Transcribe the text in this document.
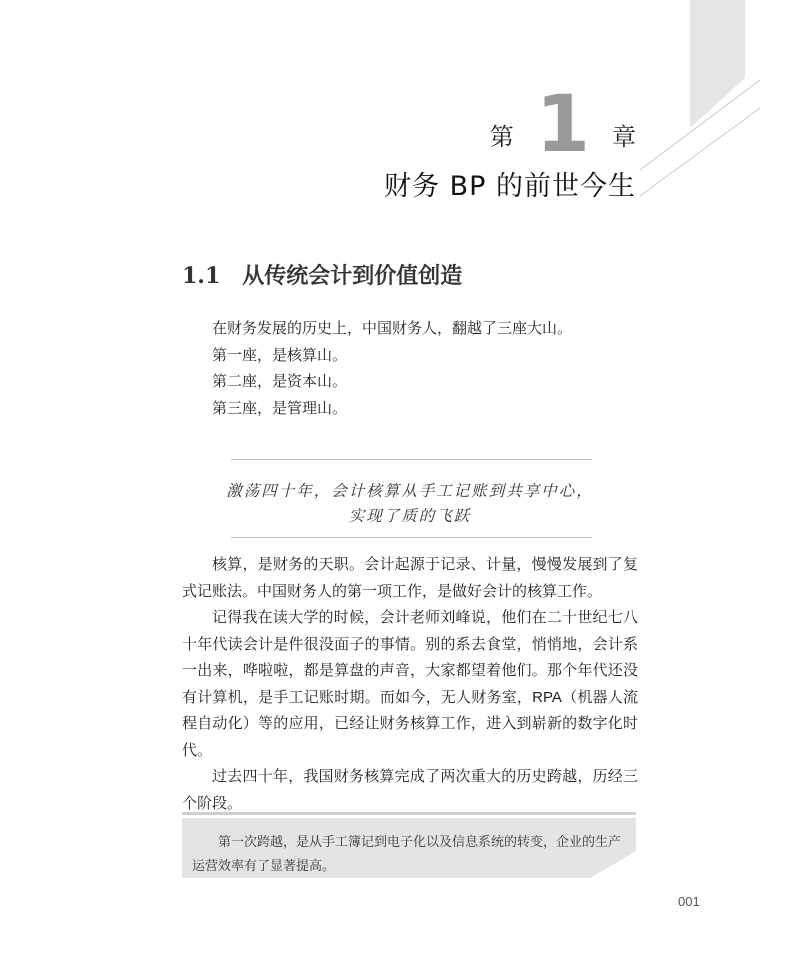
第 1 章
财务 BP 的前世今生
1.1 从传统会计到价值创造
在财务发展的历史上，中国财务人，翻越了三座大山。
第一座，是核算山。
第二座，是资本山。
第三座，是管理山。
激荡四十年，会计核算从手工记账到共享中心，
实现了质的飞跃

核算，是财务的天职。会计起源于记录、计量，慢慢发展到了复式记账法。中国财务人的第一项工作，是做好会计的核算工作。

记得我在读大学的时候，会计老师刘峰说，他们在二十世纪七八十年代读会计是件很没面子的事情。别的系去食堂，悄悄地，会计系一出来，哗啦啦，都是算盘的声音，大家都望着他们。那个年代还没有计算机，是手工记账时期。而如今，无人财务室，RPA（机器人流程自动化）等的应用，已经让财务核算工作，进入到崭新的数字化时代。

过去四十年，我国财务核算完成了两次重大的历史跨越，历经三个阶段。

第一次跨越，是从手工簿记到电子化以及信息系统的转变，企业的生产运营效率有了显著提高。

001
